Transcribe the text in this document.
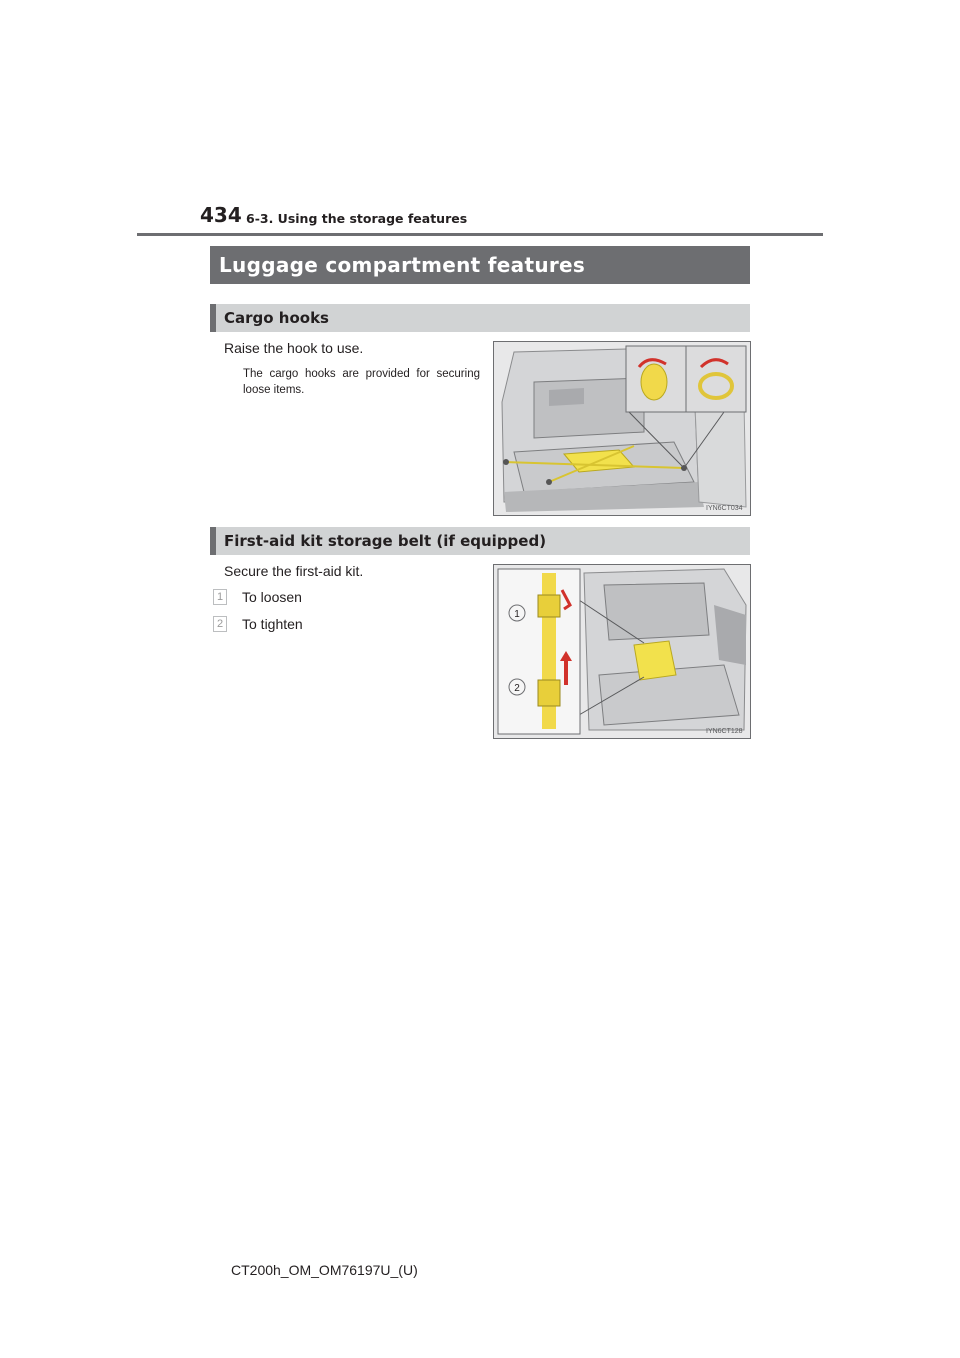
434 6-3. Using the storage features
Luggage compartment features
Cargo hooks
Raise the hook to use.
The cargo hooks are provided for securing loose items.
IYN6CT034
First-aid kit storage belt (if equipped)
Secure the first-aid kit.
1 To loosen
2 To tighten
1
2
IYN6CT128
CT200h_OM_OM76197U_(U)
